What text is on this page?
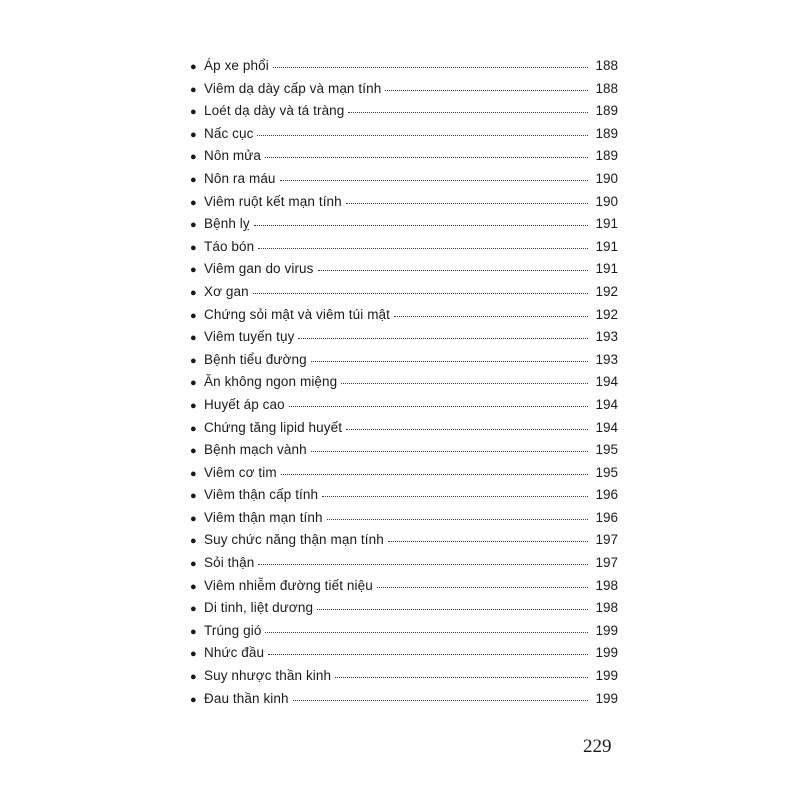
● Áp xe phổi	188
● Viêm dạ dày cấp và mạn tính	188
● Loét dạ dày và tá tràng	189
● Nấc cục	189
● Nôn mửa	189
● Nôn ra máu	190
● Viêm ruột kết mạn tính	190
● Bệnh lỵ	191
● Táo bón	191
● Viêm gan do virus	191
● Xơ gan	192
● Chứng sỏi mật và viêm túi mật	192
● Viêm tuyến tụy	193
● Bệnh tiểu đường	193
● Ăn không ngon miệng	194
● Huyết áp cao	194
● Chứng tăng lipid huyết	194
● Bệnh mạch vành	195
● Viêm cơ tim	195
● Viêm thận cấp tính	196
● Viêm thận mạn tính	196
● Suy chức năng thận mạn tính	197
● Sỏi thận	197
● Viêm nhiễm đường tiết niệu	198
● Di tinh, liệt dương	198
● Trúng gió	199
● Nhức đầu	199
● Suy nhược thần kinh	199
● Đau thần kinh	199
229
